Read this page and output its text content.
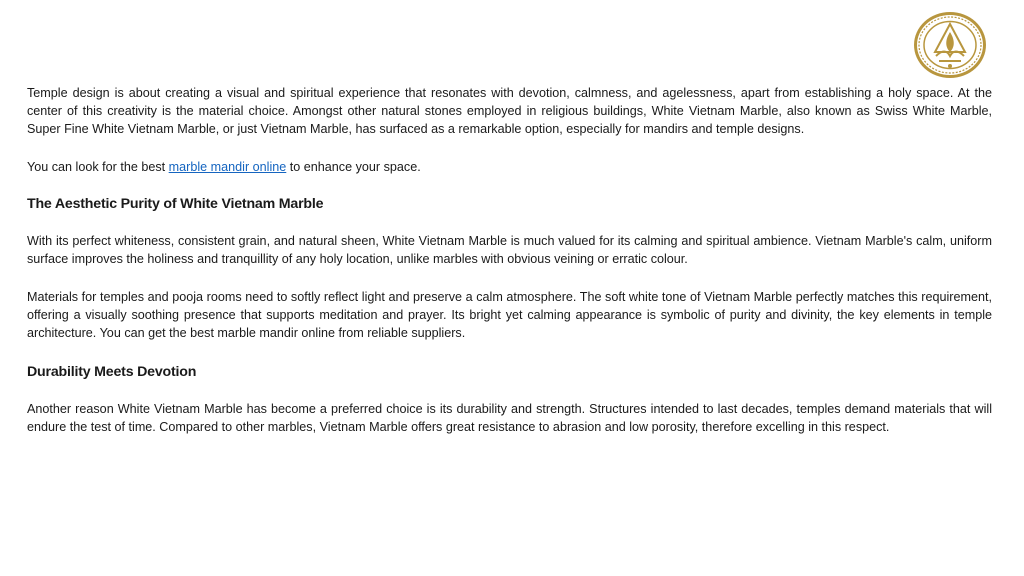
Temple design is about creating a visual and spiritual experience that resonates with devotion, calmness, and agelessness, apart from establishing a holy space. At the center of this creativity is the material choice. Amongst other natural stones employed in religious buildings, White Vietnam Marble, also known as Swiss White Marble, Super Fine White Vietnam Marble, or just Vietnam Marble, has surfaced as a remarkable option, especially for mandirs and temple designs.

You can look for the best marble mandir online to enhance your space.

The Aesthetic Purity of White Vietnam Marble

With its perfect whiteness, consistent grain, and natural sheen, White Vietnam Marble is much valued for its calming and spiritual ambience. Vietnam Marble's calm, uniform surface improves the holiness and tranquillity of any holy location, unlike marbles with obvious veining or erratic colour.

Materials for temples and pooja rooms need to softly reflect light and preserve a calm atmosphere. The soft white tone of Vietnam Marble perfectly matches this requirement, offering a visually soothing presence that supports meditation and prayer. Its bright yet calming appearance is symbolic of purity and divinity, the key elements in temple architecture. You can get the best marble mandir online from reliable suppliers.

Durability Meets Devotion

Another reason White Vietnam Marble has become a preferred choice is its durability and strength. Structures intended to last decades, temples demand materials that will endure the test of time. Compared to other marbles, Vietnam Marble offers great resistance to abrasion and low porosity, therefore excelling in this respect.
